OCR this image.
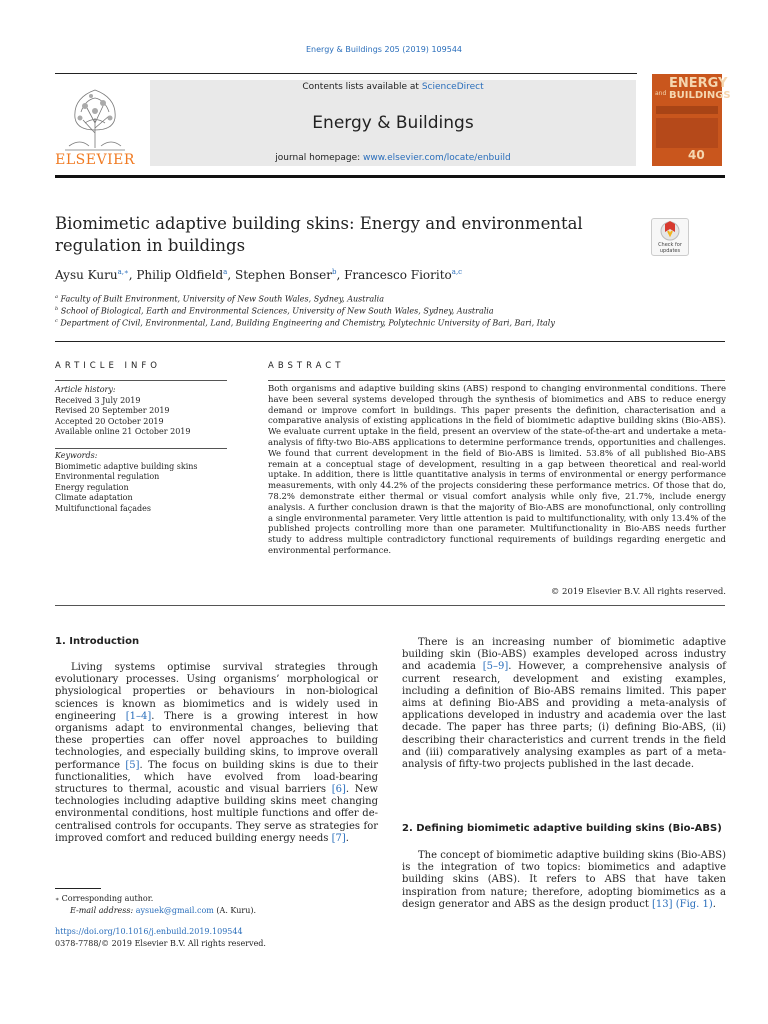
Energy & Buildings 205 (2019) 109544
ELSEVIER
Contents lists available at ScienceDirect
Energy & Buildings
journal homepage: www.elsevier.com/locate/enbuild
ENERGY
and BUILDINGS
40
Biomimetic adaptive building skins: Energy and environmental regulation in buildings	Check for updates
Aysu Kuru$^{a,∗}$, Philip Oldfield$^a$, Stephen Bonser$^b$, Francesco Fiorito$^{a,c}$
$^a$ Faculty of Built Environment, University of New South Wales, Sydney, Australia
$^b$ School of Biological, Earth and Environmental Sciences, University of New South Wales, Sydney, Australia
$^c$ Department of Civil, Environmental, Land, Building Engineering and Chemistry, Polytechnic University of Bari, Bari, Italy
ARTICLE INFO	ABSTRACT
Article history:
Received 3 July 2019
Revised 20 September 2019
Accepted 20 October 2019
Available online 21 October 2019
Keywords:
Biomimetic adaptive building skins
Environmental regulation
Energy regulation
Climate adaptation
Multifunctional façades
Both organisms and adaptive building skins (ABS) respond to changing environmental conditions. There have been several systems developed through the synthesis of biomimetics and ABS to reduce energy demand or improve comfort in buildings. This paper presents the definition, characterisation and a comparative analysis of existing applications in the field of biomimetic adaptive building skins (Bio-ABS). We evaluate current uptake in the field, present an overview of the state-of-the-art and undertake a meta-analysis of fifty-two Bio-ABS applications to determine performance trends, opportunities and challenges. We found that current development in the field of Bio-ABS is limited. 53.8% of all published Bio-ABS remain at a conceptual stage of development, resulting in a gap between theoretical and real-world uptake. In addition, there is little quantitative analysis in terms of environmental or energy performance measurements, with only 44.2% of the projects considering these performance metrics. Of those that do, 78.2% demonstrate either thermal or visual comfort analysis while only five, 21.7%, include energy analysis. A further conclusion drawn is that the majority of Bio-ABS are monofunctional, only controlling a single environmental parameter. Very little attention is paid to multifunctionality, with only 13.4% of the published projects controlling more than one parameter. Multifunctionality in Bio-ABS needs further study to address multiple contradictory functional requirements of buildings regarding energetic and environmental performance.
© 2019 Elsevier B.V. All rights reserved.
1. Introduction

Living systems optimise survival strategies through evolutionary processes. Using organisms’ morphological or physiological properties or behaviours in non-biological sciences is known as biomimetics and is widely used in engineering [1–4]. There is a growing interest in how organisms adapt to environmental changes, believing that these properties can offer novel approaches to building technologies, and especially building skins, to improve overall performance [5]. The focus on building skins is due to their functionalities, which have evolved from load-bearing structures to thermal, acoustic and visual barriers [6]. New technologies including adaptive building skins meet changing environmental conditions, host multiple functions and offer de-centralised controls for occupants. They serve as strategies for improved comfort and reduced building energy needs [7].

∗ Corresponding author.
E-mail address: aysuek@gmail.com (A. Kuru).
https://doi.org/10.1016/j.enbuild.2019.109544
0378-7788/© 2019 Elsevier B.V. All rights reserved.

There is an increasing number of biomimetic adaptive building skin (Bio-ABS) examples developed across industry and academia [5–9]. However, a comprehensive analysis of current research, development and existing examples, including a definition of Bio-ABS remains limited. This paper aims at defining Bio-ABS and providing a meta-analysis of applications developed in industry and academia over the last decade. The paper has three parts; (i) defining Bio-ABS, (ii) describing their characteristics and current trends in the field and (iii) comparatively analysing examples as part of a meta-analysis of fifty-two projects published in the last decade.

2. Defining biomimetic adaptive building skins (Bio-ABS)

The concept of biomimetic adaptive building skins (Bio-ABS) is the integration of two topics: biomimetics and adaptive building skins (ABS). It refers to ABS that have taken inspiration from nature; therefore, adopting biomimetics as a design generator and ABS as the design product [13] (Fig. 1).
